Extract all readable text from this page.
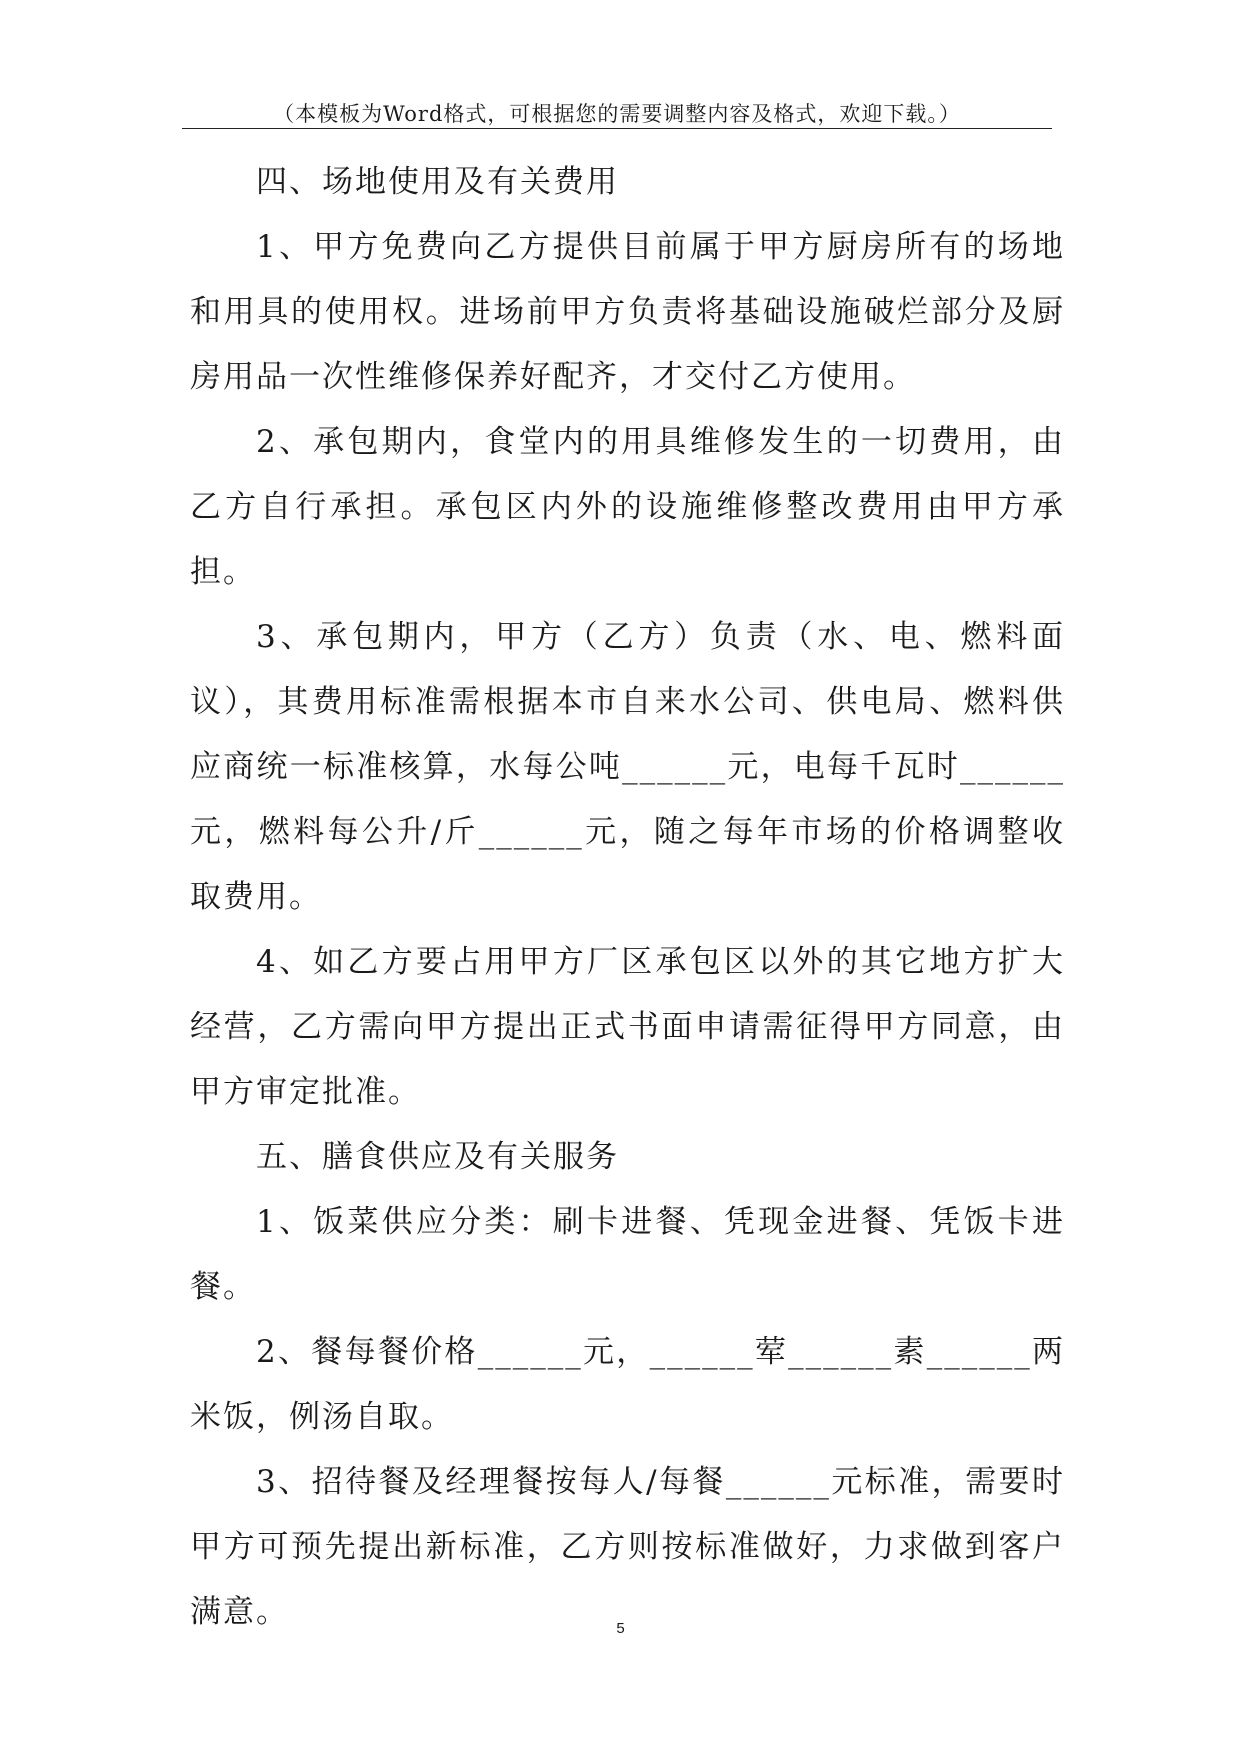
（本模板为Word格式，可根据您的需要调整内容及格式，欢迎下载。）

四、场地使用及有关费用

1、甲方免费向乙方提供目前属于甲方厨房所有的场地和用具的使用权。进场前甲方负责将基础设施破烂部分及厨房用品一次性维修保养好配齐，才交付乙方使用。

2、承包期内，食堂内的用具维修发生的一切费用，由乙方自行承担。承包区内外的设施维修整改费用由甲方承担。

3、承包期内，甲方（乙方）负责（水、电、燃料面议），其费用标准需根据本市自来水公司、供电局、燃料供应商统一标准核算，水每公吨______元，电每千瓦时______元，燃料每公升/斤______元，随之每年市场的价格调整收取费用。

4、如乙方要占用甲方厂区承包区以外的其它地方扩大经营，乙方需向甲方提出正式书面申请需征得甲方同意，由甲方审定批准。

五、膳食供应及有关服务

1、饭菜供应分类：刷卡进餐、凭现金进餐、凭饭卡进餐。

2、餐每餐价格______元，______荤______素______两米饭，例汤自取。

3、招待餐及经理餐按每人/每餐______元标准，需要时甲方可预先提出新标准，乙方则按标准做好，力求做到客户满意。	5
